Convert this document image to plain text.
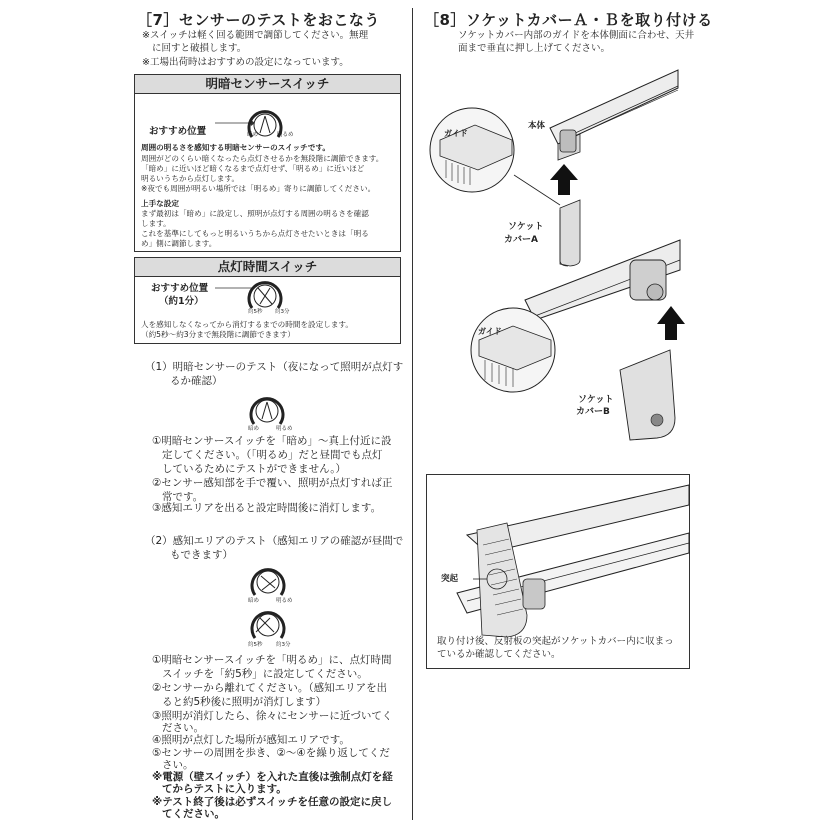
［7］センサーのテストをおこなう
※スイッチは軽く回る範囲で調節してください。無理
に回すと破損します。
※工場出荷時はおすすめの設定になっています。
明暗センサースイッチ
おすすめ位置	暗め	明るめ
周囲の明るさを感知する明暗センサーのスイッチです。
周囲がどのくらい暗くなったら点灯させるかを無段階に調節できます。
「暗め」に近いほど暗くなるまで点灯せず、「明るめ」に近いほど
明るいうちから点灯します。
※夜でも周囲が明るい場所では「明るめ」寄りに調節してください。
上手な設定
まず最初は「暗め」に設定し、照明が点灯する周囲の明るさを確認
します。
これを基準にしてもっと明るいうちから点灯させたいときは「明る
め」側に調節します。
点灯時間スイッチ
おすすめ位置
（約1分）
約5秒 約3分
人を感知しなくなってから消灯するまでの時間を設定します。
（約5秒〜約3分まで無段階に調節できます）
（1）明暗センサーのテスト（夜になって照明が点灯す
るか確認）
暗め	明るめ
①明暗センサースイッチを「暗め」〜真上付近に設
定してください。（「明るめ」だと昼間でも点灯
しているためにテストができません。）
②センサー感知部を手で覆い、照明が点灯すれば正
常です。
③感知エリアを出ると設定時間後に消灯します。
（2）感知エリアのテスト（感知エリアの確認が昼間で
もできます）
暗め	明るめ
約5秒 約3分
①明暗センサースイッチを「明るめ」に、点灯時間
スイッチを「約5秒」に設定してください。
②センサーから離れてください。（感知エリアを出
ると約5秒後に照明が消灯します）
③照明が消灯したら、徐々にセンサーに近づいてく
ださい。
④照明が点灯した場所が感知エリアです。
⑤センサーの周囲を歩き、②〜④を繰り返してくだ
さい。
※電源（壁スイッチ）を入れた直後は強制点灯を経
てからテストに入ります。
※テスト終了後は必ずスイッチを任意の設定に戻し
てください。
［8］ソケットカバーＡ・Ｂを取り付ける
ソケットカバー内部のガイドを本体側面に合わせ、天井
面まで垂直に押し上げてください。
ガイド
本体
ソケット
カバーA
ガイド
ソケット
カバーB
突起
取り付け後、反射板の突起がソケットカバー内に収まっ
ているか確認してください。
